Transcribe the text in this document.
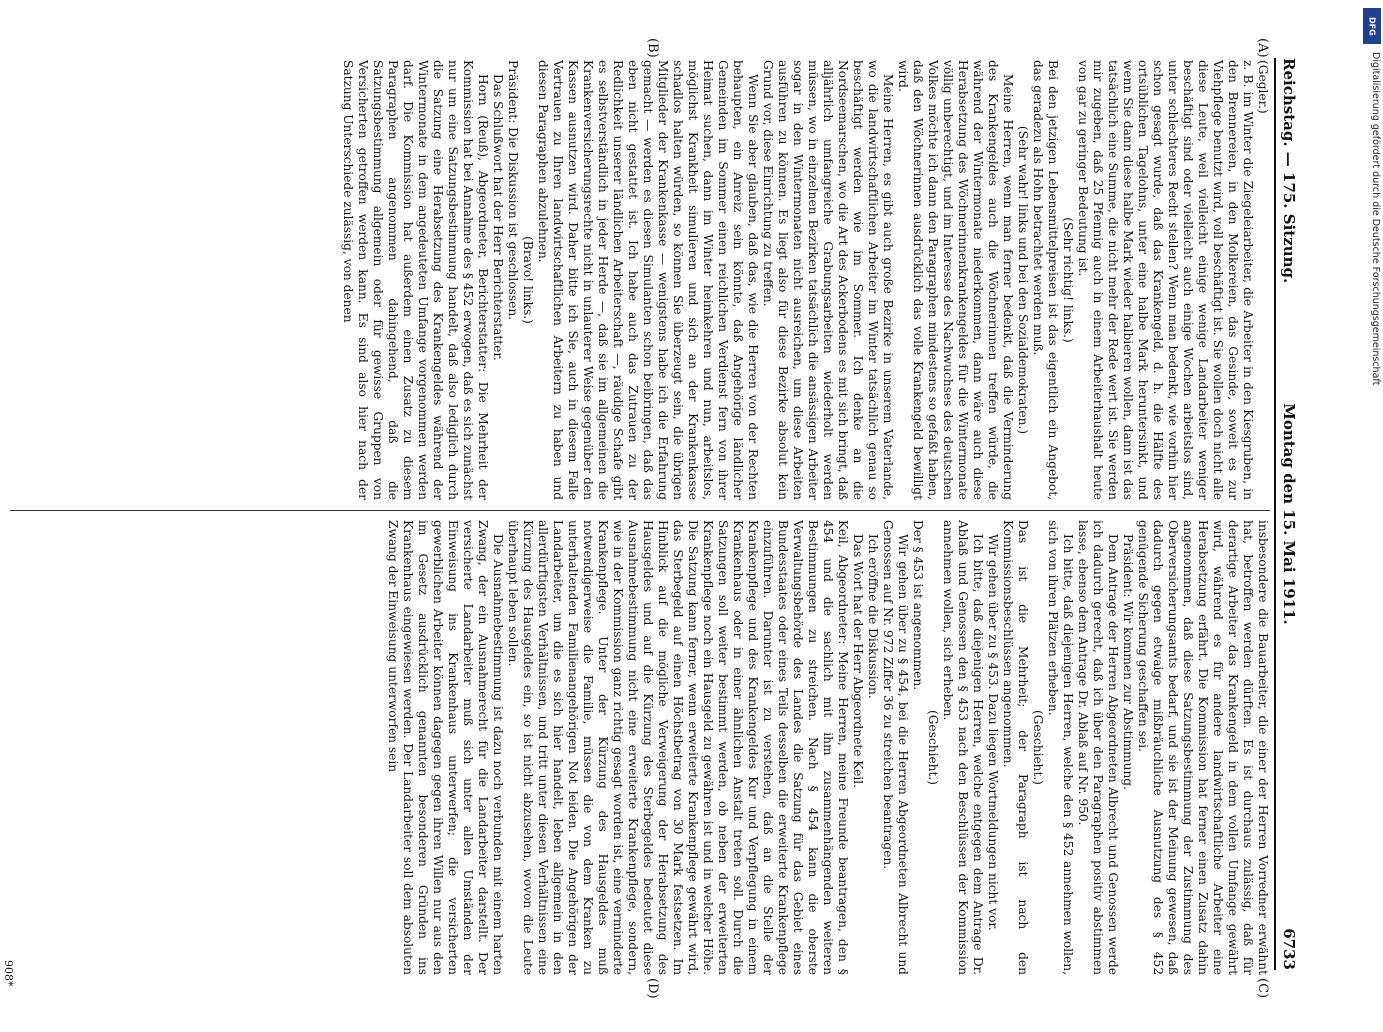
Reichstag. — 175. Sitzung.
Montag den 15. Mai 1911.
6733
(A)
(B)
(C)
(D)

(Gegler.)

z. B. im Winter die Ziegeleiarbeiter, die Arbeiter in den Kiesgruben, in den Brennereien, in den Molkereien, das Gesinde, soweit es zur Viehpflege benutzt wird, voll beschäftigt ist. Sie wollen doch nicht alle diese Leute, weil vielleicht einige wenige Landarbeiter weniger beschäftigt sind oder vielleicht auch einige Wochen arbeitslos sind, unter schlechteres Recht stellen? Wenn man bedenkt, wie vorhin hier schon gesagt wurde, daß das Krankengeld, d. h. die Hälfte des ortsüblichen Tagelohns, unter eine halbe Mark heruntersinkt, und wenn Sie dann diese halbe Mark wieder halbieren wollen, dann ist das tatsächlich eine Summe, die nicht mehr der Rede wert ist. Sie werden mir zugeben, daß 25 Pfennig auch in einem Arbeiterhaushalt heute von gar zu geringer Bedeutung ist.

(Sehr richtig! links.)

Bei den jetzigen Lebensmittelpreisen ist das eigentlich ein Angebot, das geradezu als Hohn betrachtet werden muß.

(Sehr wahr! links und bei den Sozialdemokraten.)

Meine Herren, wenn man ferner bedenkt, daß die Verminderung des Krankengeldes auch die Wöchnerinnen treffen würde, die während der Wintermonate niederkommen, dann wäre auch diese Herabsetzung des Wöchnerinnenkrankengeldes für die Wintermonate völlig unberechtigt, und im Interesse des Nachwuchses des deutschen Volkes möchte ich dann den Paragraphen mindestens so gefaßt haben, daß den Wöchnerinnen ausdrücklich das volle Krankengeld bewilligt wird.

Meine Herren, es gibt auch große Bezirke in unserem Vaterlande, wo die landwirtschaftlichen Arbeiter im Winter tatsächlich genau so beschäftigt werden wie im Sommer. Ich denke an die Nordseemarschen, wo die Art des Ackerbodens es mit sich bringt, daß alljährlich umfangreiche Grabungsarbeiten wiederholt werden müssen, wo in einzelnen Bezirken tatsächlich die ansässigen Arbeiter sogar in den Wintermonaten nicht ausreichen, um diese Arbeiten ausführen zu können. Es liegt also für diese Bezirke absolut kein Grund vor, diese Einrichtung zu treffen.

Wenn Sie aber glauben, daß das, wie die Herren von der Rechten behaupten, ein Anreiz sein könnte, daß Angehörige ländlicher Gemeinden im Sommer einen reichlichen Verdienst fern von ihrer Heimat suchen, dann im Winter heimkehren und nun, arbeitslos, möglichst Krankheit simulieren und sich an der Krankenkasse schadlos halten würden, so können Sie überzeugt sein, die übrigen Mitglieder der Krankenkasse — wenigstens habe ich die Erfahrung gemacht — werden es diesen Simulanten schon beibringen, daß das eben nicht gestattet ist. Ich habe auch das Zutrauen zu der Redlichkeit unserer ländlichen Arbeiterschaft —, räudige Schafe gibt es selbstverständlich in jeder Herde —, daß sie im allgemeinen die Krankenversicherungsrechte nicht in unlauterer Weise gegenüber den Kassen ausnutzen wird. Daher bitte ich Sie, auch in diesem Falle Vertrauen zu Ihren landwirtschaftlichen Arbeitern zu haben und diesen Paragraphen abzulehnen.

(Bravo! links.)

Präsident: Die Diskussion ist geschlossen.

Das Schlußwort hat der Herr Berichterstatter.

Horn (Reuß), Abgeordneter, Berichterstatter: Die Mehrheit der Kommission hat bei Annahme des § 452 erwogen, daß es sich zunächst nur um eine Satzungsbestimmung handelt, daß also lediglich durch die Satzung eine Herabsetzung des Krankengeldes während der Wintermonate in dem angedeuteten Umfange vorgenommen werden darf. Die Kommission hat außerdem einen Zusatz zu diesem Paragraphen angenommen dahingehend, daß die Satzungsbestimmung allgemein oder für gewisse Gruppen von Versicherten getroffen werden kann. Es sind also hier nach der Satzung Unterschiede zulässig, von denen

insbesondere die Bauarbeiter, die einer der Herren Vorredner erwähnt hat, betroffen werden dürften. Es ist durchaus zulässig, daß für derartige Arbeiter das Krankengeld in dem vollen Umfange gewährt wird, während es für andere landwirtschaftliche Arbeiter eine Herabsetzung erfährt. Die Kommission hat ferner einen Zusatz dahin angenommen, daß diese Satzungsbestimmung der Zustimmung des Oberversicherungsamts bedarf, und sie ist der Meinung gewesen, daß dadurch gegen etwaige mißbräuchliche Ausnutzung des § 452 genügende Sicherung geschaffen sei.

Präsident: Wir kommen zur Abstimmung.

Dem Antrage der Herren Abgeordneten Albrecht und Genossen werde ich dadurch gerecht, daß ich über den Paragraphen positiv abstimmen lasse, ebenso dem Antrage Dr. Ablaß auf Nr. 950.

Ich bitte, daß diejenigen Herren, welche den § 452 annehmen wollen, sich von ihren Plätzen erheben.

(Geschieht.)

Das ist die Mehrheit; der Paragraph ist nach den Kommissionsbeschlüssen angenommen.

Wir gehen über zu § 453. Dazu liegen Wortmeldungen nicht vor.

Ich bitte, daß diejenigen Herren, welche entgegen dem Antrage Dr. Ablaß und Genossen den § 453 nach den Beschlüssen der Kommission annehmen wollen, sich erheben.

(Geschieht.)

Der § 453 ist angenommen.

Wir gehen über zu § 454, bei die Herren Abgeordneten Albrecht und Genossen auf Nr. 972 Ziffer 36 zu streichen beantragen.

Ich eröffne die Diskussion.

Das Wort hat der Herr Abgeordnete Keil.

Keil, Abgeordneter: Meine Herren, meine Freunde beantragen, den § 454 und die sachlich mit ihm zusammenhängenden weiteren Bestimmungen zu streichen. Nach § 454 kann die oberste Verwaltungsbehörde des Landes die Satzung für das Gebiet eines Bundesstaates oder eines Teils desselben die erweiterte Krankenpflege einzuführen. Darunter ist zu verstehen, daß an die Stelle der Krankenpflege und des Krankengeldes Kur und Verpflegung in einem Krankenhaus oder in einer ähnlichen Anstalt treten soll. Durch die Satzungen soll weiter bestimmt werden, ob neben der erweiterten Krankenpflege noch ein Hausgeld zu gewähren ist und in welcher Höhe. Die Satzung kann ferner, wenn erweiterte Krankenpflege gewährt wird, das Sterbegeld auf einen Höchstbetrag von 30 Mark festsetzen. Im Hinblick auf die mögliche Verweigerung der Herabsetzung des Hausgeldes und auf die Kürzung des Sterbegeldes bedeutet diese Ausnahmebestimmung nicht eine erweiterte Krankenpflege, sondern, wie in der Kommission ganz richtig gesagt worden ist, eine verminderte Krankenpflege. Unter der Kürzung des Hausgeldes muß notwendigerweise die Familie, müssen die von dem Kranken zu unterhaltenden Familienangehörigen Not leiden. Die Angehörigen der Landarbeiter, um die es sich hier handelt, leben allgemein in den allerdürftigsten Verhältnissen, und tritt unter diesen Verhältnissen eine Kürzung des Hausgeldes ein, so ist nicht abzusehen, wovon die Leute überhaupt leben sollen.

Die Ausnahmebestimmung ist dazu noch verbunden mit einem harten Zwang, der ein Ausnahmerecht für die Landarbeiter darstellt. Der versicherte Landarbeiter muß sich unter allen Umständen der Einweisung ins Krankenhaus unterwerfen; die versicherten gewerblichen Arbeiter können dagegen gegen ihren Willen nur aus den im Gesetz ausdrücklich genannten besonderen Gründen ins Krankenhaus eingewiesen werden. Der Landarbeiter soll dem absoluten Zwang der Einweisung unterworfen sein

908*
DFG
Digitalisierung gefördert durch die Deutsche Forschungsgemeinschaft
